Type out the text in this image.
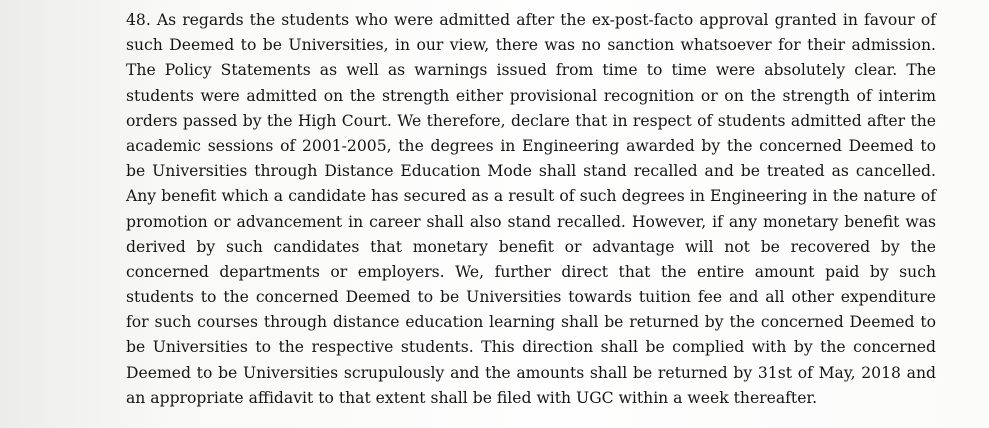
48. As regards the students who were admitted after the ex-post-facto approval granted in favour of
such Deemed to be Universities, in our view, there was no sanction whatsoever for their admission.
The Policy Statements as well as warnings issued from time to time were absolutely clear. The
students were admitted on the strength either provisional recognition or on the strength of interim
orders passed by the High Court. We therefore, declare that in respect of students admitted after the
academic sessions of 2001-2005, the degrees in Engineering awarded by the concerned Deemed to
be Universities through Distance Education Mode shall stand recalled and be treated as cancelled.
Any benefit which a candidate has secured as a result of such degrees in Engineering in the nature of
promotion or advancement in career shall also stand recalled. However, if any monetary benefit was
derived by such candidates that monetary benefit or advantage will not be recovered by the
concerned departments or employers. We, further direct that the entire amount paid by such
students to the concerned Deemed to be Universities towards tuition fee and all other expenditure
for such courses through distance education learning shall be returned by the concerned Deemed to
be Universities to the respective students. This direction shall be complied with by the concerned
Deemed to be Universities scrupulously and the amounts shall be returned by 31st of May, 2018 and
an appropriate affidavit to that extent shall be filed with UGC within a week thereafter.
